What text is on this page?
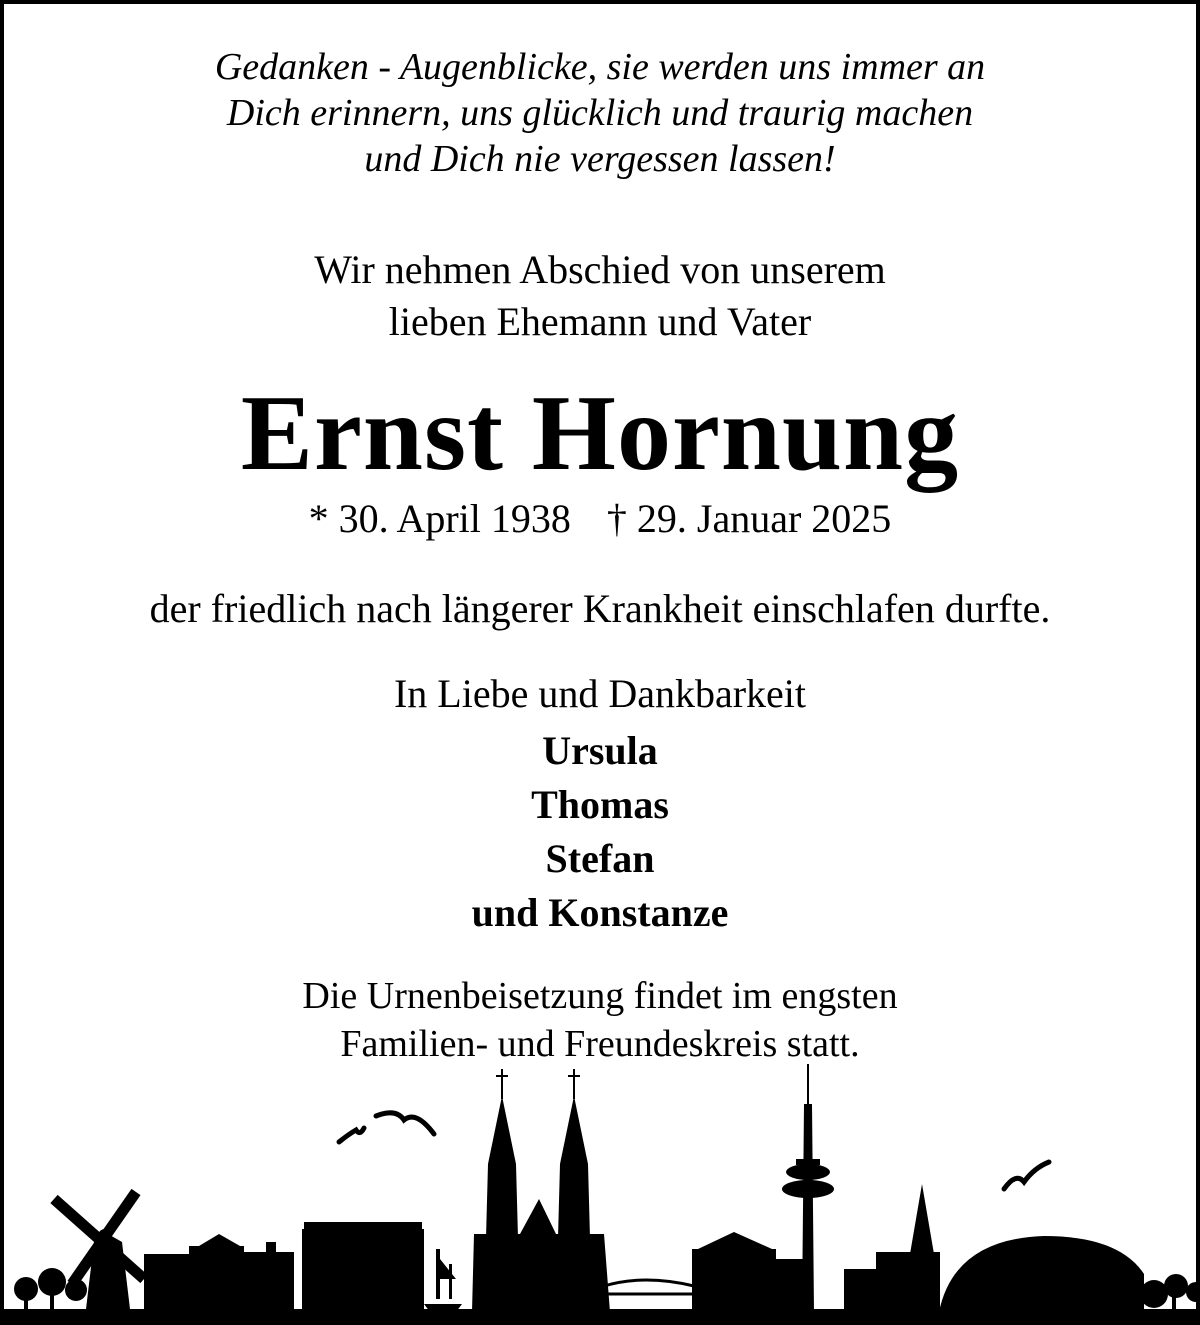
Gedanken - Augenblicke, sie werden uns immer an
Dich erinnern, uns glücklich und traurig machen
und Dich nie vergessen lassen!
Wir nehmen Abschied von unserem
lieben Ehemann und Vater
Ernst Hornung
* 30. April 1938 † 29. Januar 2025
der friedlich nach längerer Krankheit einschlafen durfte.
In Liebe und Dankbarkeit
Ursula
Thomas
Stefan
und Konstanze
Die Urnenbeisetzung findet im engsten
Familien- und Freundeskreis statt.
